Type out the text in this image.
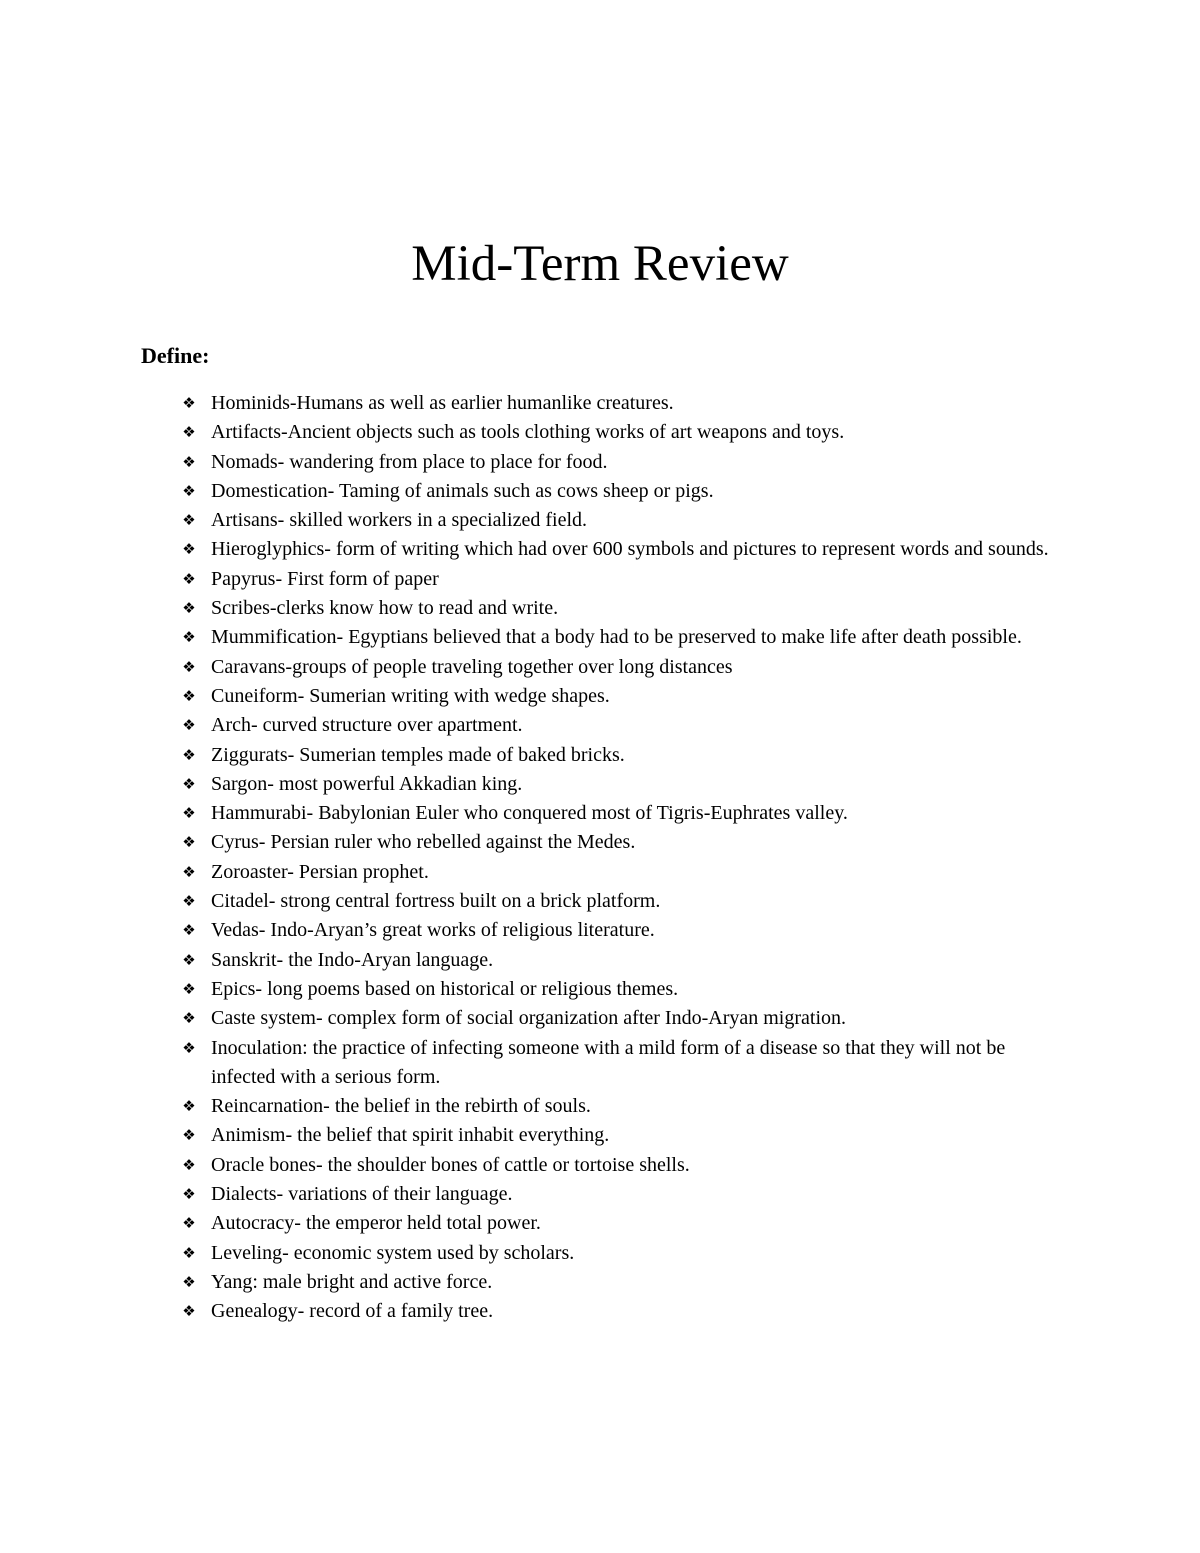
Mid-Term Review

Define:

❖ Hominids-Humans as well as earlier humanlike creatures.
❖ Artifacts-Ancient objects such as tools clothing works of art weapons and toys.
❖ Nomads- wandering from place to place for food.
❖ Domestication- Taming of animals such as cows sheep or pigs.
❖ Artisans- skilled workers in a specialized field.
❖ Hieroglyphics- form of writing which had over 600 symbols and pictures to represent words and sounds.
❖ Papyrus- First form of paper
❖ Scribes-clerks know how to read and write.
❖ Mummification- Egyptians believed that a body had to be preserved to make life after death possible.
❖ Caravans-groups of people traveling together over long distances
❖ Cuneiform- Sumerian writing with wedge shapes.
❖ Arch- curved structure over apartment.
❖ Ziggurats- Sumerian temples made of baked bricks.
❖ Sargon- most powerful Akkadian king.
❖ Hammurabi- Babylonian Euler who conquered most of Tigris-Euphrates valley.
❖ Cyrus- Persian ruler who rebelled against the Medes.
❖ Zoroaster- Persian prophet.
❖ Citadel- strong central fortress built on a brick platform.
❖ Vedas- Indo-Aryan’s great works of religious literature.
❖ Sanskrit- the Indo-Aryan language.
❖ Epics- long poems based on historical or religious themes.
❖ Caste system- complex form of social organization after Indo-Aryan migration.
❖ Inoculation: the practice of infecting someone with a mild form of a disease so that they will not be infected with a serious form.
❖ Reincarnation- the belief in the rebirth of souls.
❖ Animism- the belief that spirit inhabit everything.
❖ Oracle bones- the shoulder bones of cattle or tortoise shells.
❖ Dialects- variations of their language.
❖ Autocracy- the emperor held total power.
❖ Leveling- economic system used by scholars.
❖ Yang: male bright and active force.
❖ Genealogy- record of a family tree.
